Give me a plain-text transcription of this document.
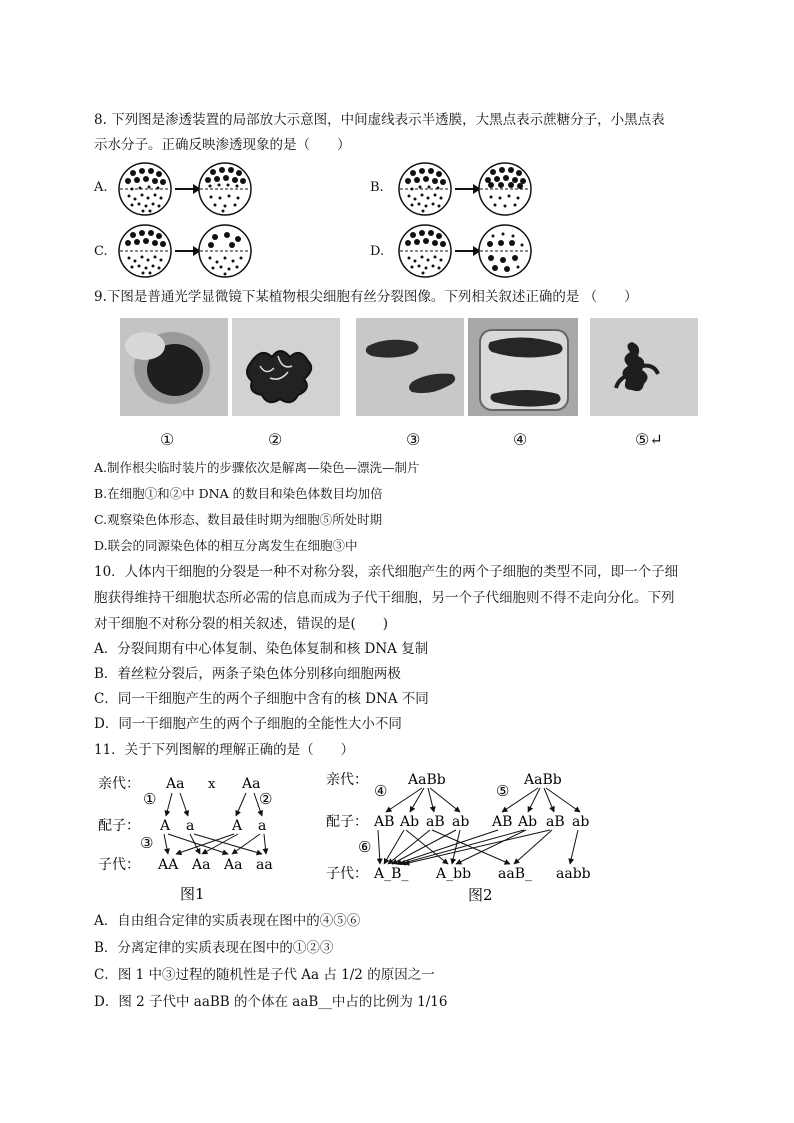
8. 下列图是渗透装置的局部放大示意图，中间虚线表示半透膜，大黑点表示蔗糖分子，小黑点表
示水分子。正确反映渗透现象的是（　　）
A.	B.
C.	D.
9.下图是普通光学显微镜下某植物根尖细胞有丝分裂图像。下列相关叙述正确的是 （　　）
①	②	③	④	⑤↵
A.制作根尖临时装片的步骤依次是解离—染色—漂洗—制片
B.在细胞①和②中 DNA 的数目和染色体数目均加倍
C.观察染色体形态、数目最佳时期为细胞⑤所处时期
D.联会的同源染色体的相互分离发生在细胞③中
10．人体内干细胞的分裂是一种不对称分裂，亲代细胞产生的两个子细胞的类型不同，即一个子细
胞获得维持干细胞状态所必需的信息而成为子代干细胞，另一个子代细胞则不得不走向分化。下列
对干细胞不对称分裂的相关叙述，错误的是(　　)
A．分裂间期有中心体复制、染色体复制和核 DNA 复制
B．着丝粒分裂后，两条子染色体分别移向细胞两极
C．同一干细胞产生的两个子细胞中含有的核 DNA 不同
D．同一干细胞产生的两个子细胞的全能性大小不同
11．关于下列图解的理解正确的是（　　）
亲代： Aa x Aa
①	②
配子： A a	A a
③
子代： AA Aa Aa aa
图1
亲代：	AaBb	AaBb
④	⑤
配子： AB Ab aB ab AB Ab aB ab
⑥
子代： A_B_ A_bb aaB_ aabb
图2
A．自由组合定律的实质表现在图中的④⑤⑥
B．分离定律的实质表现在图中的①②③
C．图 1 中③过程的随机性是子代 Aa 占 1/2 的原因之一
D．图 2 子代中 aaBB 的个体在 aaB__中占的比例为 1/16
